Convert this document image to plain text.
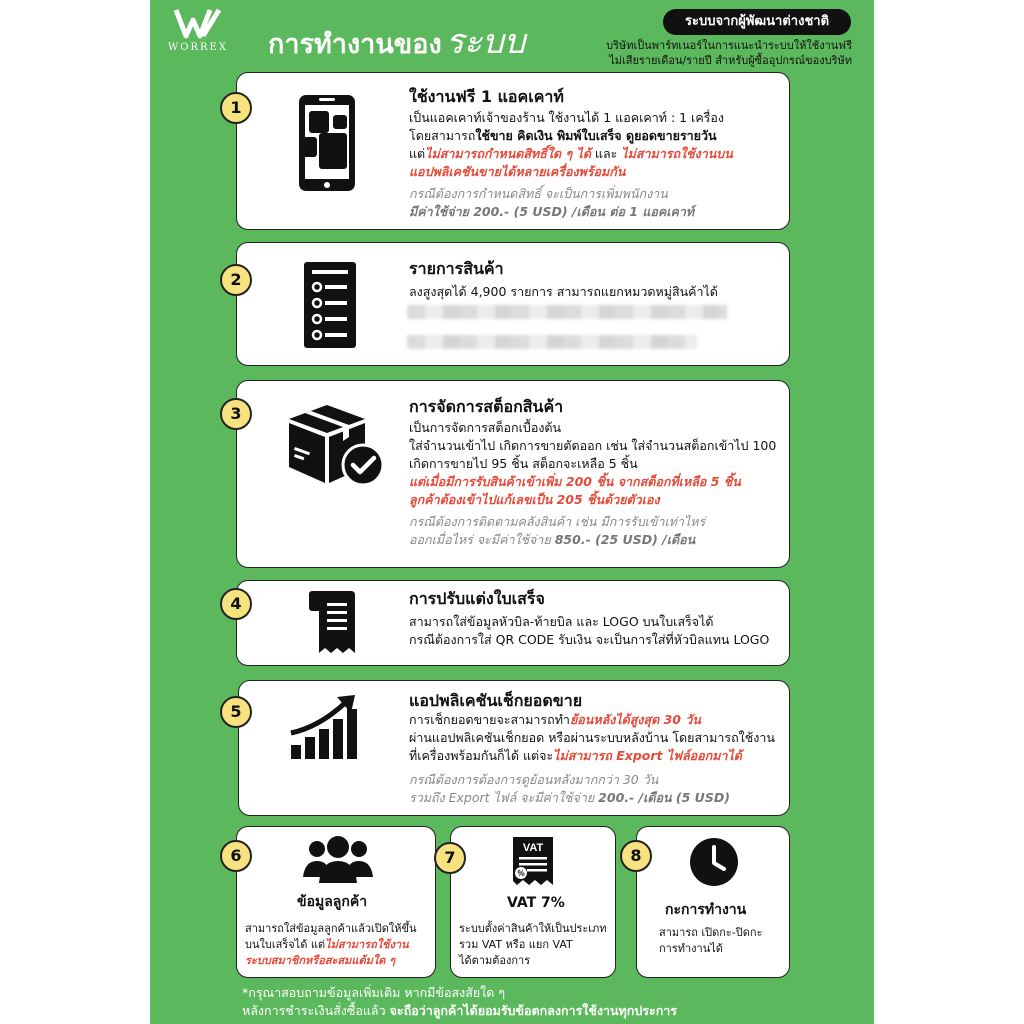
WORREX การทำงานของ ระบบ
ระบบจากผู้พัฒนาต่างชาติ

บริษัทเป็นพาร์ทเนอร์ในการแนะนำระบบให้ใช้งานฟรี

ไม่เสียรายเดือน/รายปี สำหรับผู้ซื้ออุปกรณ์ของบริษัท

ใช้งานฟรี 1 แอคเคาท์

เป็นแอคเคาท์เจ้าของร้าน ใช้งานได้ 1 แอคเคาท์ : 1 เครื่อง

โดยสามารถใช้ขาย คิดเงิน พิมพ์ใบเสร็จ ดูยอดขายรายวัน

แต่ไม่สามารถกำหนดสิทธิ์ใด ๆ ได้ และ ไม่สามารถใช้งานบน

แอปพลิเคชันขายได้หลายเครื่องพร้อมกัน

กรณีต้องการกำหนดสิทธิ์ จะเป็นการเพิ่มพนักงาน

มีค่าใช้จ่าย 200.- (5 USD) /เดือน ต่อ 1 แอคเคาท์

1
รายการสินค้า

ลงสูงสุดได้ 4,900 รายการ สามารถแยกหมวดหมู่สินค้าได้

2
การจัดการสต็อกสินค้า

เป็นการจัดการสต็อกเบื้องต้น

ใส่จำนวนเข้าไป เกิดการขายตัดออก เช่น ใส่จำนวนสต็อกเข้าไป 100

เกิดการขายไป 95 ชิ้น สต็อกจะเหลือ 5 ชิ้น

แต่เมื่อมีการรับสินค้าเข้าเพิ่ม 200 ชิ้น จากสต็อกที่เหลือ 5 ชิ้น

ลูกค้าต้องเข้าไปแก้เลขเป็น 205 ชิ้นด้วยตัวเอง

กรณีต้องการติดตามคลังสินค้า เช่น มีการรับเข้าเท่าไหร่

ออกเมื่อไหร่ จะมีค่าใช้จ่าย 850.- (25 USD) /เดือน

3
การปรับแต่งใบเสร็จ

สามารถใส่ข้อมูลหัวบิล-ท้ายบิล และ LOGO บนใบเสร็จได้

กรณีต้องการใส่ QR CODE รับเงิน จะเป็นการใส่ที่หัวบิลแทน LOGO

4
แอปพลิเคชันเช็กยอดขาย

การเช็กยอดขายจะสามารถทำย้อนหลังได้สูงสุด 30 วัน

ผ่านแอปพลิเคชันเช็กยอด หรือผ่านระบบหลังบ้าน โดยสามารถใช้งาน

ที่เครื่องพร้อมกันก็ได้ แต่จะไม่สามารถ Export ไฟล์ออกมาได้

กรณีต้องการต้องการดูย้อนหลังมากกว่า 30 วัน

รวมถึง Export ไฟล์ จะมีค่าใช้จ่าย 200.- /เดือน (5 USD)

5
ข้อมูลลูกค้า

สามารถใส่ข้อมูลลูกค้าแล้วเปิดให้ขึ้น

บนใบเสร็จได้ แต่ไม่สามารถใช้งาน

ระบบสมาชิกหรือสะสมแต้มใด ๆ

6	VAT
%
VAT 7%

ระบบตั้งค่าสินค้าให้เป็นประเภท

รวม VAT หรือ แยก VAT

ได้ตามต้องการ

7
กะการทำงาน

สามารถ เปิดกะ-ปิดกะ

การทำงานได้

8

*กรุณาสอบถามข้อมูลเพิ่มเติม หากมีข้อสงสัยใด ๆ

หลังการชำระเงินสั่งซื้อแล้ว จะถือว่าลูกค้าได้ยอมรับข้อตกลงการใช้งานทุกประการ
